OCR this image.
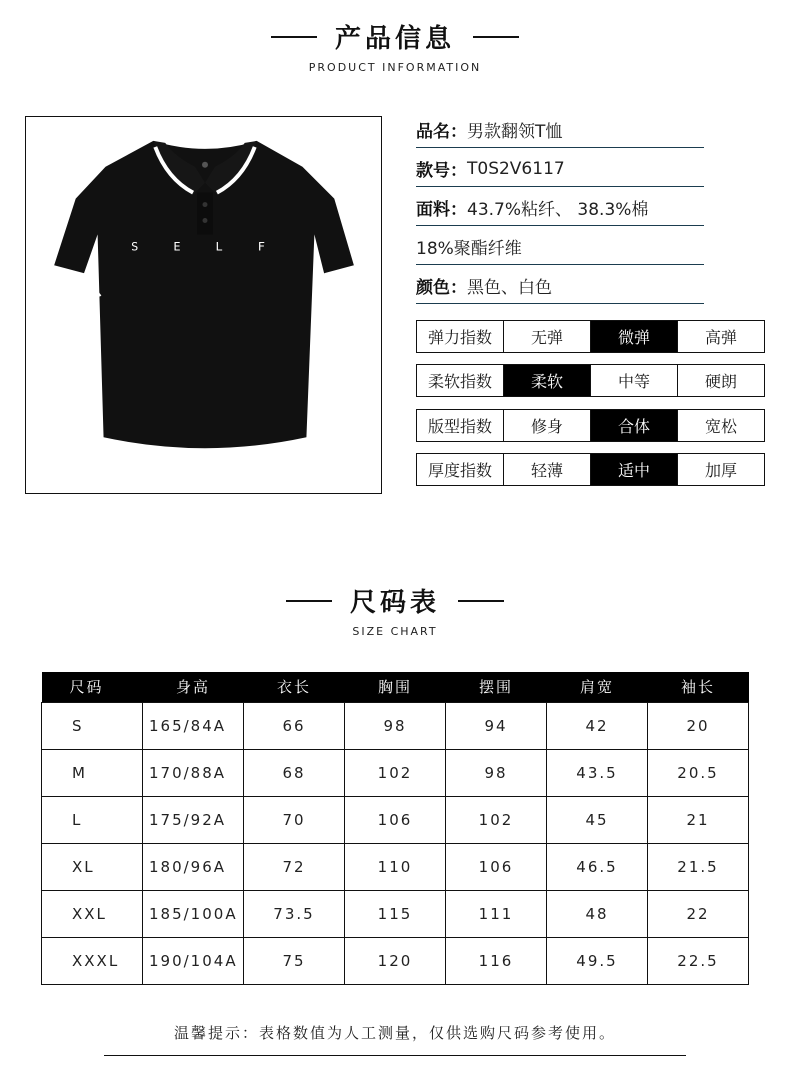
产品信息
PRODUCT INFORMATION
S E L F
品名： 男款翻领T恤
款号： T0S2V6117
面料： 43.7%粘纤、 38.3%棉
18%聚酯纤维
颜色： 黑色、白色
弹力指数	无弹	微弹	高弹
柔软指数	柔软	中等	硬朗
版型指数	修身	合体	宽松
厚度指数	轻薄	适中	加厚
尺码表
SIZE CHART
尺码	身高	衣长	胸围	摆围	肩宽	袖长
S	165/84A	66	98	94	42	20
M	170/88A	68	102	98	43.5	20.5
L	175/92A	70	106	102	45	21
XL	180/96A	72	110	106	46.5	21.5
XXL	185/100A	73.5	115	111	48	22
XXXL	190/104A	75	120	116	49.5	22.5
温馨提示：表格数值为人工测量，仅供选购尺码参考使用。
